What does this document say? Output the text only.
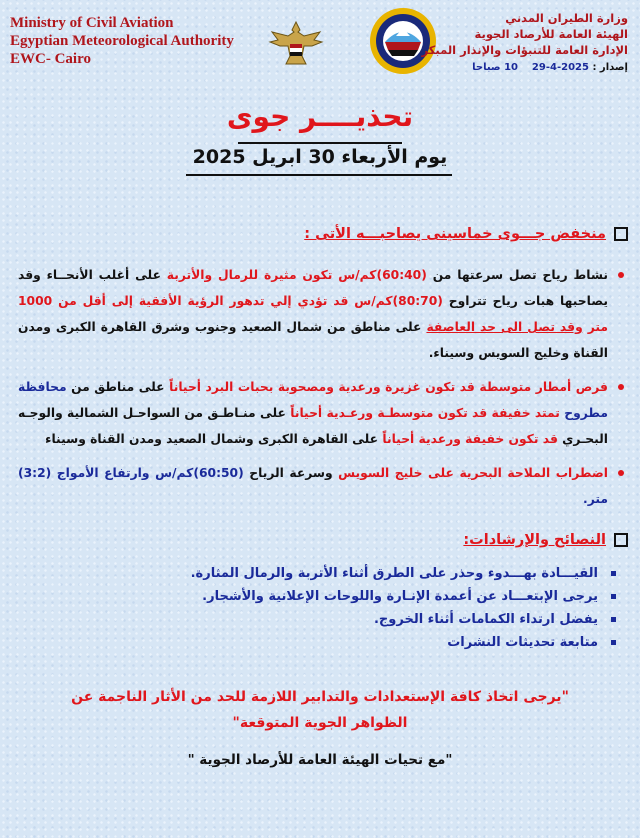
Ministry of Civil Aviation
Egyptian Meteorological Authority
EWC- Cairo
وزارة الطيران المدني
الهيئة العامة للأرصاد الجوية
الإدارة العامة للتنبؤات والإنذار المبكر
إصدار : 2025-4-29    10 صباحا
تحذيــــر جوى
يوم الأربعاء 30 ابريل 2025
منخفض جـــوى خماسينى يصاحبـــه الأتى :

نشاط رياح تصل سرعتها من (60:40)كم/س تكون مثيرة للرمال والأتربة على أغلب الأنحــاء وقد يصاحبها هبات رياح تتراوح (80:70)كم/س قد تؤدي إلي تدهور الرؤية الأفقية إلى أقل من 1000 متر وقد تصل الى حد العاصفة على مناطق من شمال الصعيد وجنوب وشرق القاهرة الكبرى ومدن القناة وخليج السويس وسيناء.

فرص أمطار متوسطة قد تكون غزيرة ورعدية ومصحوبة بحبات البرد أحياناً على مناطق من محافظة مطروح تمتد خفيفة قد تكون متوسطـة ورعـدية أحياناً على منـاطـق من السواحـل الشمالية والوجـه البحـري قد تكون خفيفة ورعدية أحياناً على القاهرة الكبرى وشمال الصعيد ومدن القناة وسيناء

اضطراب الملاحة البحرية على خليج السويس وسرعة الرياح (60:50)كم/س وارتفاع الأمواج (3:2) متر.

النصائح والإرشادات:
القيـــادة بهـــدوء وحذر على الطرق أثناء الأتربة والرمال المثارة.
يرجى الإبتعـــاد عن أعمدة الإنـارة واللوحات الإعلانية والأشجار.
يفضل ارتداء الكمامات أثناء الخروج.
متابعة تحديثات النشرات
"يرجى اتخاذ كافة الإستعدادات والتدابير اللازمة للحد من الأثار الناجمة عن
الظواهر الجوية المتوقعة"
"مع تحيات الهيئة العامة للأرصاد الجوية "
